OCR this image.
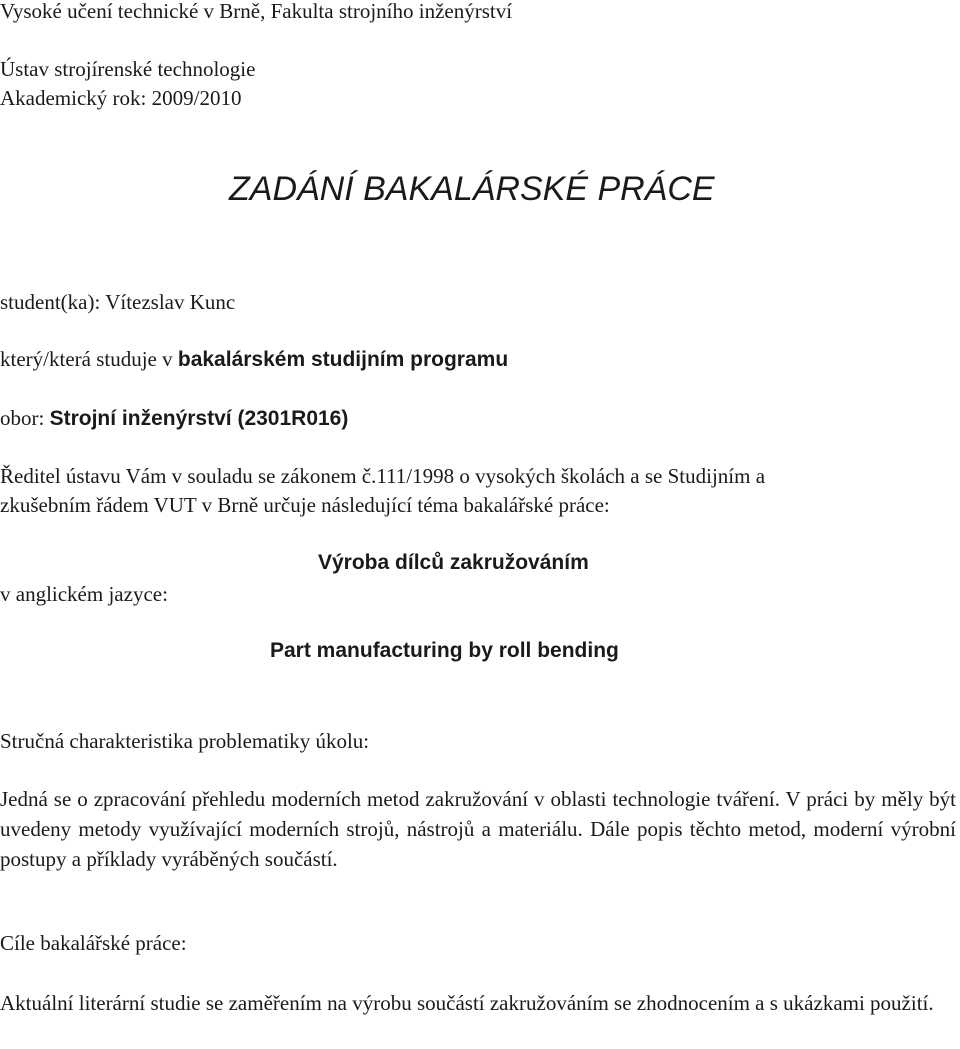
Vysoké učení technické v Brně, Fakulta strojního inženýrství
Ústav strojírenské technologie
Akademický rok: 2009/2010
ZADÁNÍ BAKALÁRSKÉ PRÁCE
student(ka): Vítezslav Kunc
který/která studuje v bakalárském studijním programu
obor: Strojní inženýrství (2301R016)
Ředitel ústavu Vám v souladu se zákonem č.111/1998 o vysokých školách a se Studijním a
zkušebním řádem VUT v Brně určuje následující téma bakalářské práce:
Výroba dílců zakružováním
v anglickém jazyce:
Part manufacturing by roll bending
Stručná charakteristika problematiky úkolu:
Jedná se o zpracování přehledu moderních metod zakružování v oblasti technologie tváření. V práci by měly být uvedeny metody využívající moderních strojů, nástrojů a materiálu. Dále popis těchto metod, moderní výrobní postupy a příklady vyráběných součástí.
Cíle bakalářské práce:
Aktuální literární studie se zaměřením na výrobu součástí zakružováním se zhodnocením a s ukázkami použití.
